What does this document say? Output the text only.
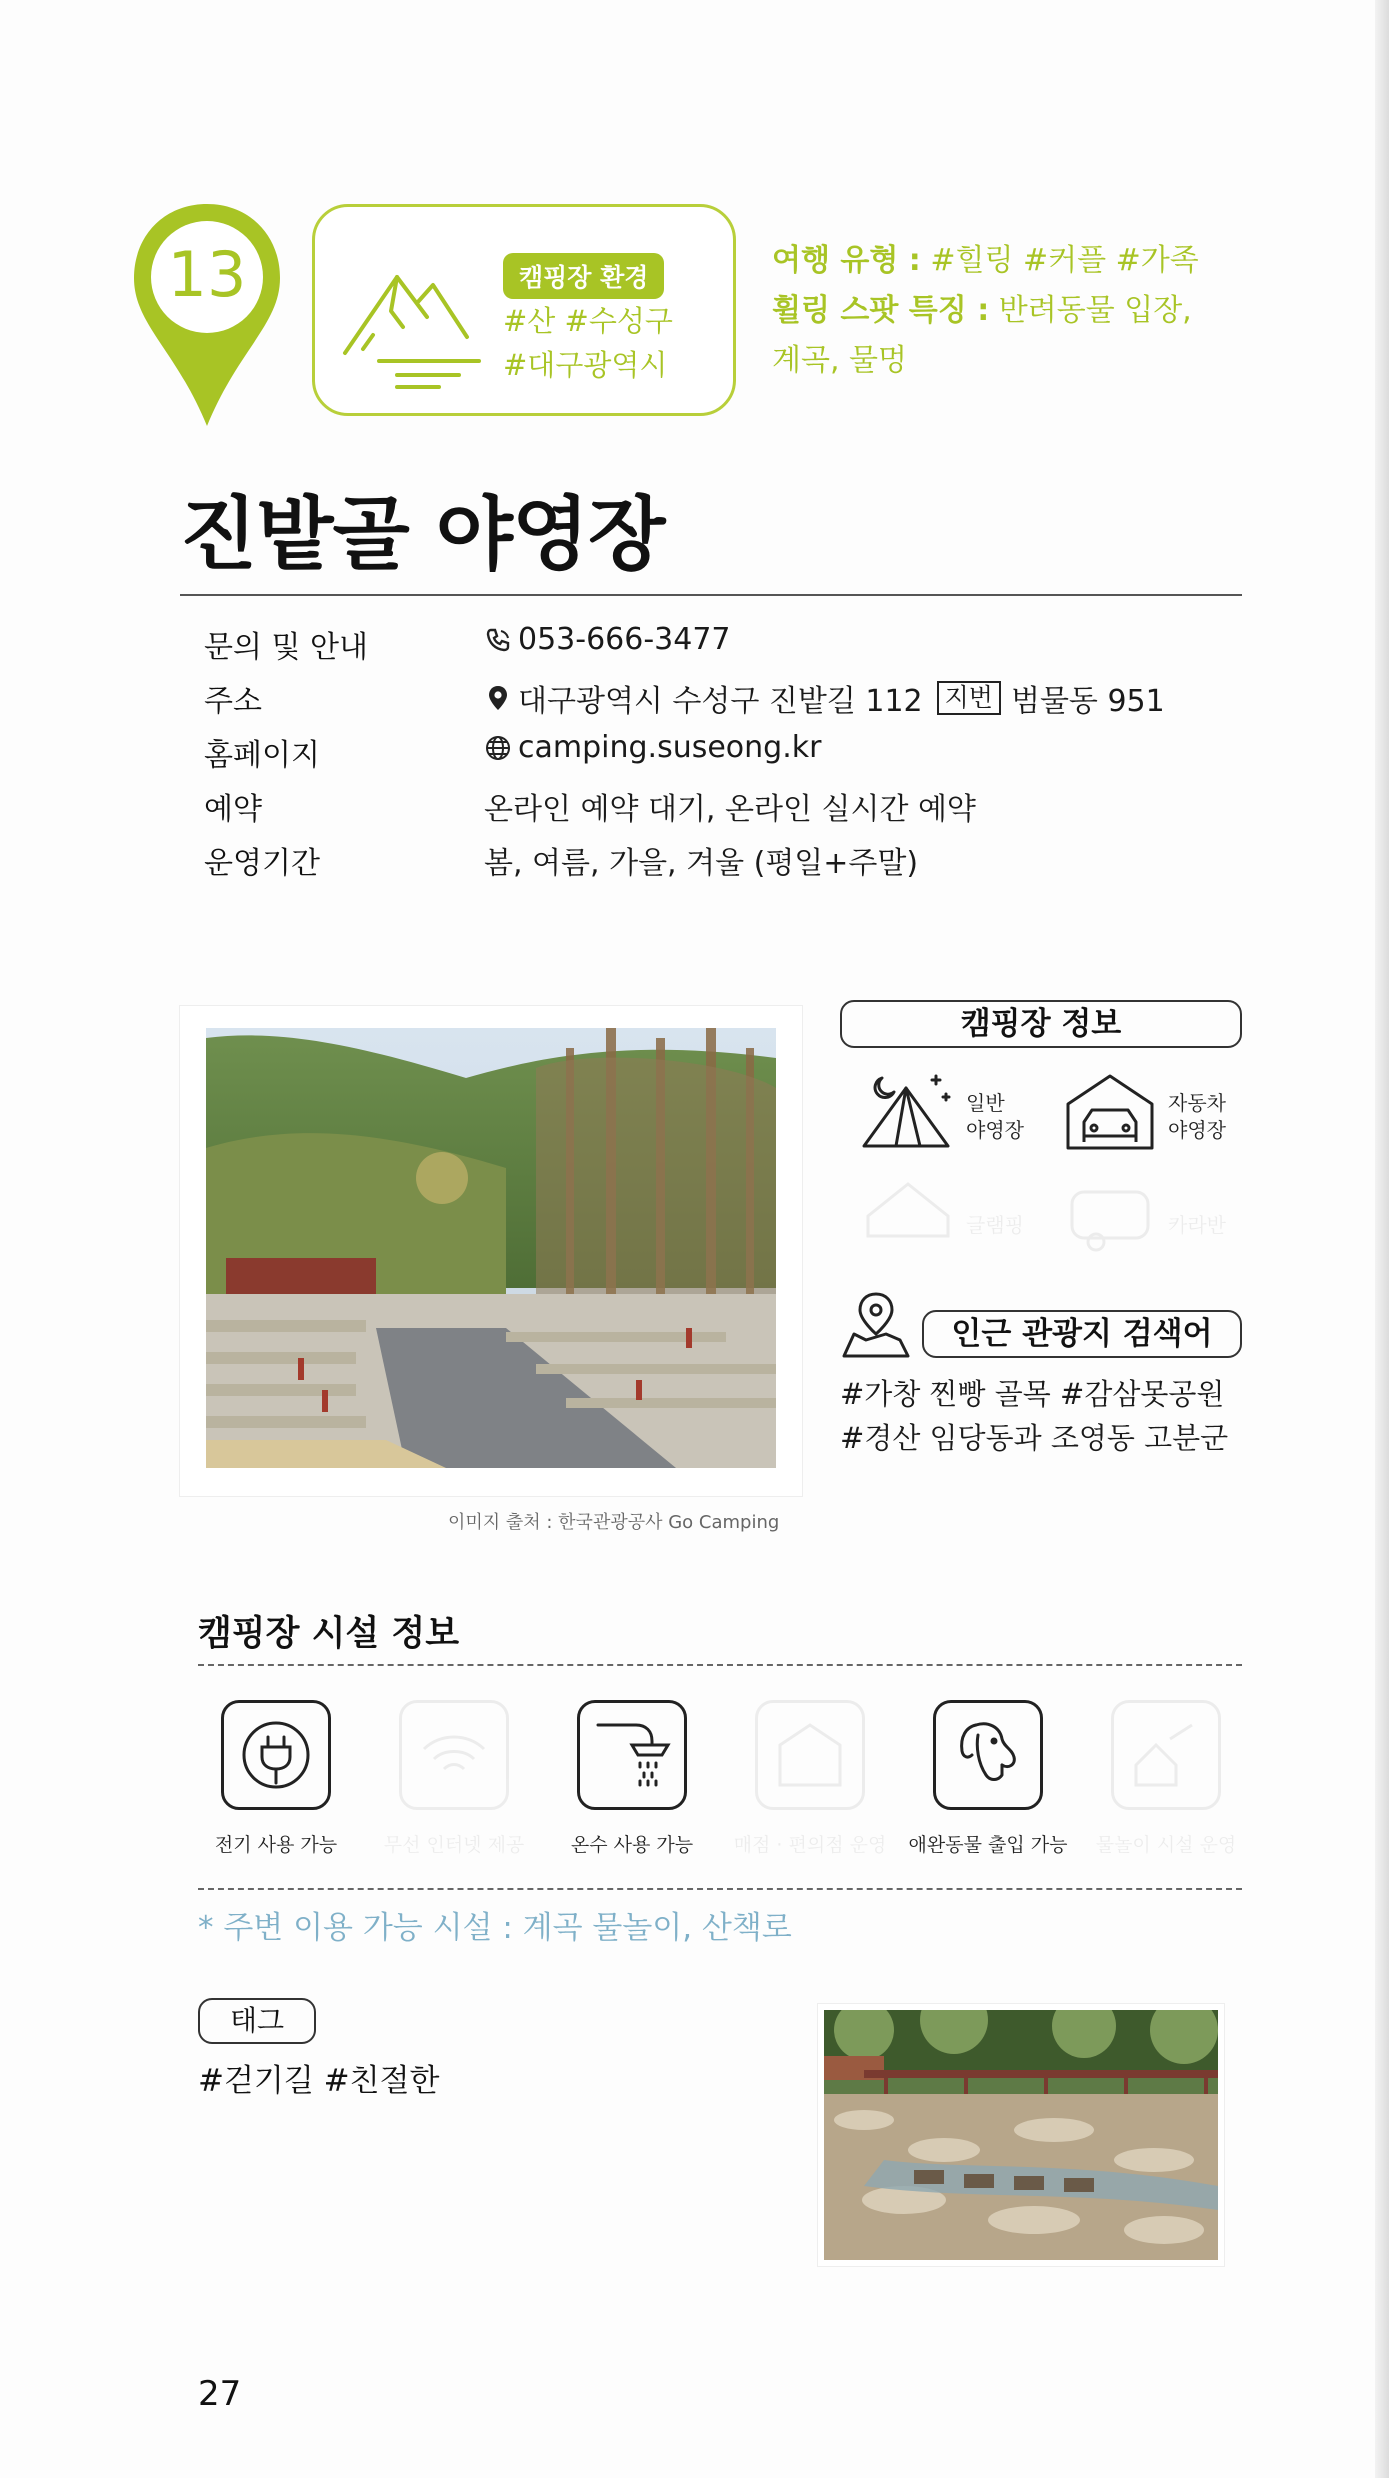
13	캠핑장 환경
#산 #수성구
#대구광역시
여행 유형 : #힐링 #커플 #가족
휠링 스팟 특징 : 반려동물 입장,
계곡, 물멍
진밭골 야영장
문의 및 안내	053-666-3477
주소	대구광역시 수성구 진밭길 112 지번 범물동 951
홈페이지	camping.suseong.kr
예약	온라인 예약 대기, 온라인 실시간 예약
운영기간	봄, 여름, 가을, 겨울 (평일+주말)
이미지 출처 : 한국관광공사 Go Camping
캠핑장 정보
일반
야영장
자동차
야영장
글램핑	카라반
인근 관광지 검색어
#가창 찐빵 골목 #감삼못공원
#경산 임당동과 조영동 고분군
캠핑장 시설 정보
전기 사용 가능	무선 인터넷 제공	온수 사용 가능	매점 · 편의점 운영	애완동물 출입 가능	물놀이 시설 운영
* 주변 이용 가능 시설 : 계곡 물놀이, 산책로
태그
#걷기길 #친절한
27
